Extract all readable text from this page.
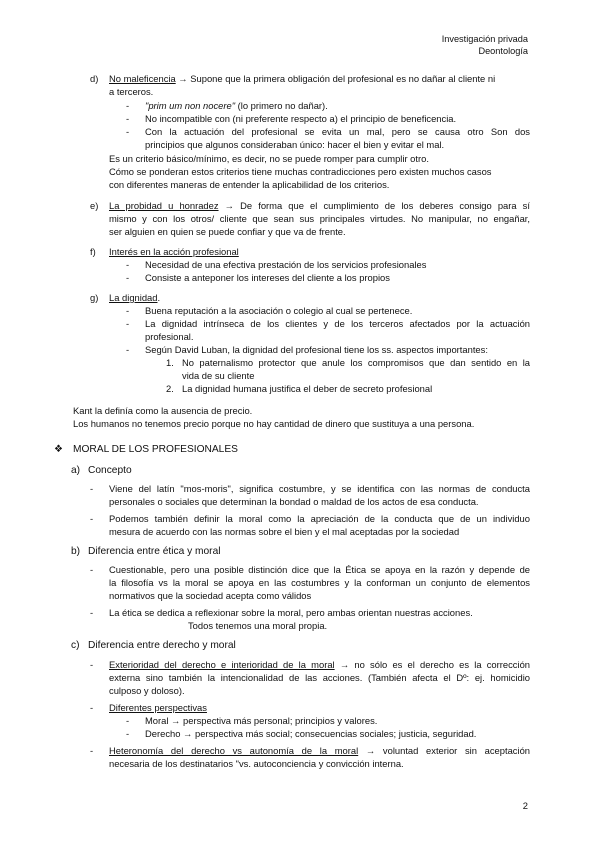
Investigación privada
Deontología
d) No maleficencia → Supone que la primera obligación del profesional es no dañar al cliente ni
a terceros.
- "prim um non nocere" (lo primero no dañar).
- No incompatible con (ni preferente respecto a) el principio de beneficencia.
- Con la actuación del profesional se evita un mal, pero se causa otro Son dos
principios que algunos consideraban único: hacer el bien y evitar el mal.
Es un criterio básico/mínimo, es decir, no se puede romper para cumplir otro.
Cómo se ponderan estos criterios tiene muchas contradicciones pero existen muchos casos
con diferentes maneras de entender la aplicabilidad de los criterios.
e) La probidad u honradez → De forma que el cumplimiento de los deberes consigo para sí
mismo y con los otros/ cliente que sean sus principales virtudes. No manipular, no engañar,
ser alguien en quien se puede confiar y que va de frente.
f) Interés en la acción profesional
- Necesidad de una efectiva prestación de los servicios profesionales
- Consiste a anteponer los intereses del cliente a los propios
g) La dignidad.
- Buena reputación a la asociación o colegio al cual se pertenece.
- La dignidad intrínseca de los clientes y de los terceros afectados por la actuación
profesional.
- Según David Luban, la dignidad del profesional tiene los ss. aspectos importantes:
1. No paternalismo protector que anule los compromisos que dan sentido en la
vida de su cliente
2. La dignidad humana justifica el deber de secreto profesional
Kant la definía como la ausencia de precio.
Los humanos no tenemos precio porque no hay cantidad de dinero que sustituya a una persona.
❖ MORAL DE LOS PROFESIONALES
a) Concepto
- Viene del latín "mos-moris", significa costumbre, y se identifica con las normas de conducta
personales o sociales que determinan la bondad o maldad de los actos de esa conducta.
- Podemos también definir la moral como la apreciación de la conducta que de un individuo
mesura de acuerdo con las normas sobre el bien y el mal aceptadas por la sociedad
b) Diferencia entre ética y moral
- Cuestionable, pero una posible distinción dice que la Ética se apoya en la razón y depende de
la filosofía vs la moral se apoya en las costumbres y la conforman un conjunto de elementos
normativos que la sociedad acepta como válidos
- La ética se dedica a reflexionar sobre la moral, pero ambas orientan nuestras acciones.
Todos tenemos una moral propia.
c) Diferencia entre derecho y moral
- Exterioridad del derecho e interioridad de la moral → no sólo es el derecho es la corrección
externa sino también la intencionalidad de las acciones. (También afecta el Dº: ej. homicidio
culposo y doloso).
- Diferentes perspectivas
- Moral → perspectiva más personal; principios y valores.
- Derecho → perspectiva más social; consecuencias sociales; justicia, seguridad.
- Heteronomía del derecho vs autonomía de la moral → voluntad exterior sin aceptación
necesaria de los destinatarios "vs. autoconciencia y convicción interna.
2
